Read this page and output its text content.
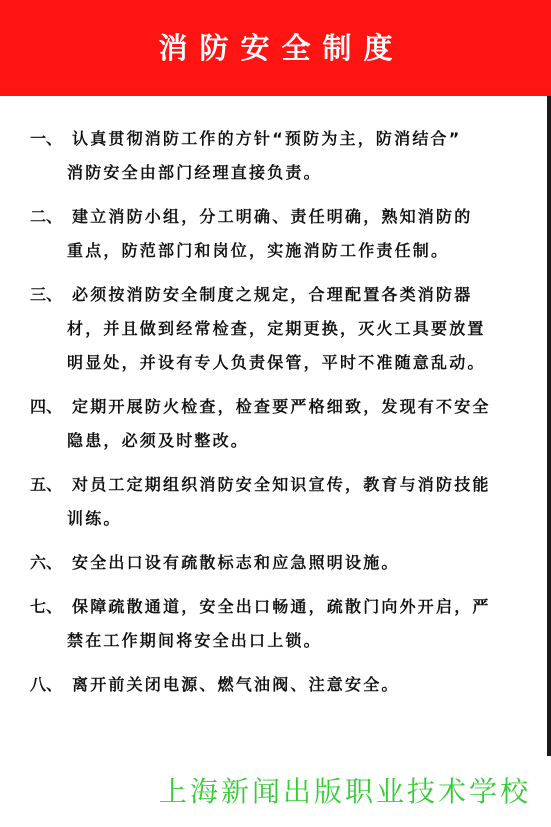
消防安全制度
一、 认真贯彻消防工作的方针“预防为主，防消结合”
消防安全由部门经理直接负责。
二、 建立消防小组，分工明确、责任明确，熟知消防的
重点，防范部门和岗位，实施消防工作责任制。
三、 必须按消防安全制度之规定，合理配置各类消防器
材，并且做到经常检查，定期更换，灭火工具要放置
明显处，并设有专人负责保管，平时不准随意乱动。
四、 定期开展防火检查，检查要严格细致，发现有不安全
隐患，必须及时整改。
五、 对员工定期组织消防安全知识宣传，教育与消防技能
训练。
六、 安全出口设有疏散标志和应急照明设施。
七、 保障疏散通道，安全出口畅通，疏散门向外开启，严
禁在工作期间将安全出口上锁。
八、 离开前关闭电源、燃气油阀、注意安全。
上海新闻出版职业技术学校
